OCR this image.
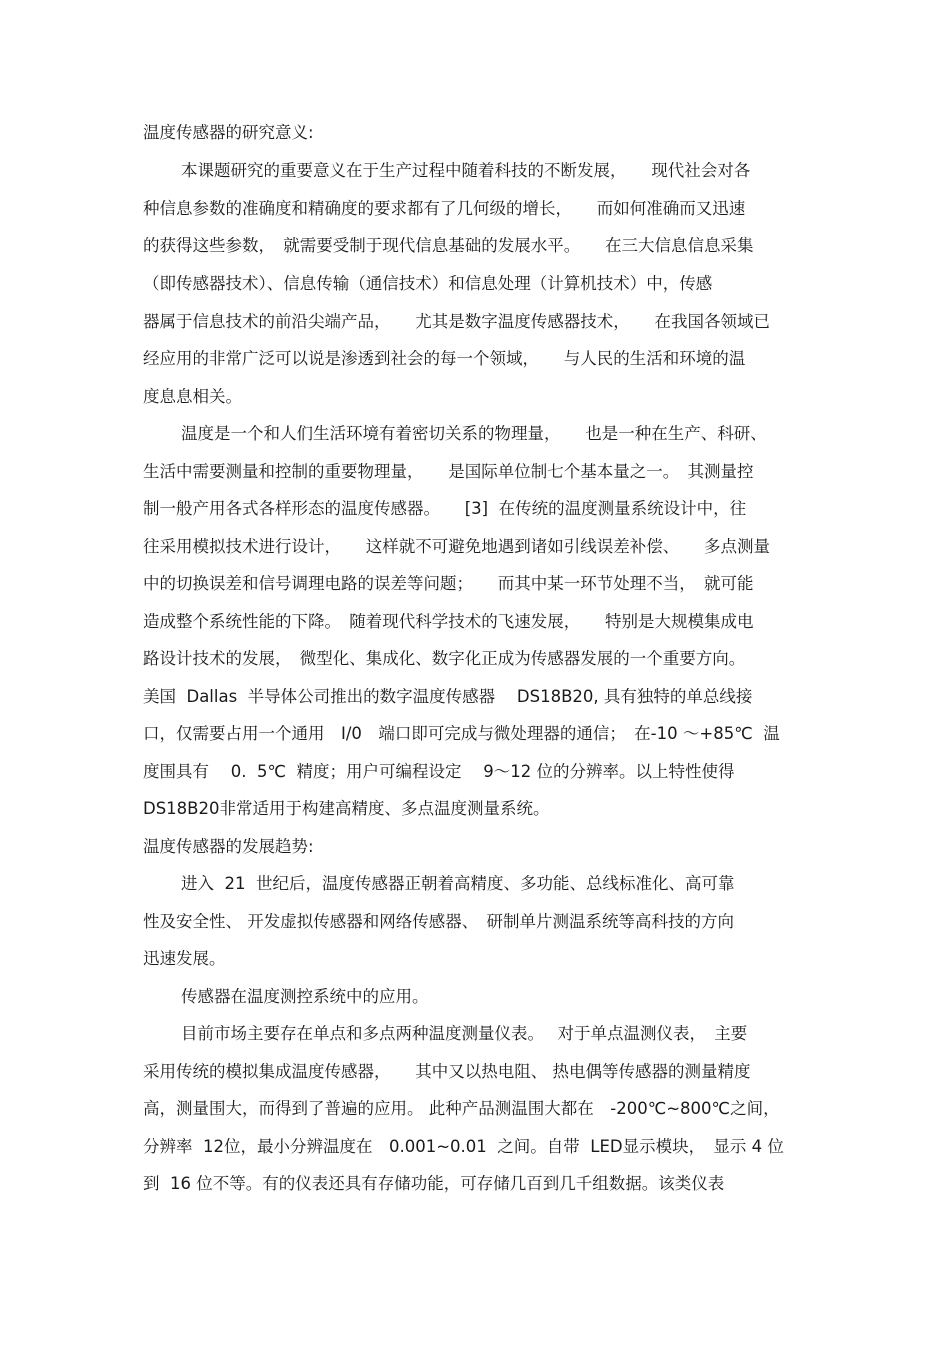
温度传感器的研究意义:
本课题研究的重要意义在于生产过程中随着科技的不断发展，　　现代社会对各
种信息参数的准确度和精确度的要求都有了几何级的增长，　　而如何准确而又迅速
的获得这些参数，　就需要受制于现代信息基础的发展水平。　　在三大信息信息采集
（即传感器技术）、信息传输（通信技术）和信息处理（计算机技术）中，传感
器属于信息技术的前沿尖端产品，　　尤其是数字温度传感器技术，　　在我国各领域已
经应用的非常广泛可以说是渗透到社会的每一个领域，　　与人民的生活和环境的温
度息息相关。
温度是一个和人们生活环境有着密切关系的物理量，　　也是一种在生产、科研、
生活中需要测量和控制的重要物理量，　　是国际单位制七个基本量之一。　其测量控
制一般产用各式各样形态的温度传感器。　　[3]  在传统的温度测量系统设计中，往
往采用模拟技术进行设计，　　这样就不可避免地遇到诸如引线误差补偿、　　多点测量
中的切换误差和信号调理电路的误差等问题；　　而其中某一环节处理不当，　就可能
造成整个系统性能的下降。　随着现代科学技术的飞速发展，　　特别是大规模集成电
路设计技术的发展，　微型化、集成化、数字化正成为传感器发展的一个重要方向。
美国  Dallas  半导体公司推出的数字温度传感器　 DS18B20, 具有独特的单总线接
口，仅需要占用一个通用　I/0　端口即可完成与微处理器的通信；　在-10 ～+85℃  温
度围具有　 0.  5℃  精度；用户可编程设定　 9～12 位的分辨率。以上特性使得
DS18B20非常适用于构建高精度、多点温度测量系统。
温度传感器的发展趋势:
进入  21  世纪后，温度传感器正朝着高精度、多功能、总线标准化、高可靠
性及安全性、 开发虚拟传感器和网络传感器、　研制单片测温系统等高科技的方向
迅速发展。
传感器在温度测控系统中的应用。
目前市场主要存在单点和多点两种温度测量仪表。　 对于单点温测仪表，　主要
采用传统的模拟集成温度传感器，　　其中又以热电阻、 热电偶等传感器的测量精度
高，测量围大，而得到了普遍的应用。 此种产品测温围大都在　-200℃~800℃之间，
分辨率  12位，最小分辨温度在　0.001~0.01  之间。自带  LED显示模块，　显示 4 位
到  16 位不等。有的仪表还具有存储功能，可存储几百到几千组数据。该类仪表
